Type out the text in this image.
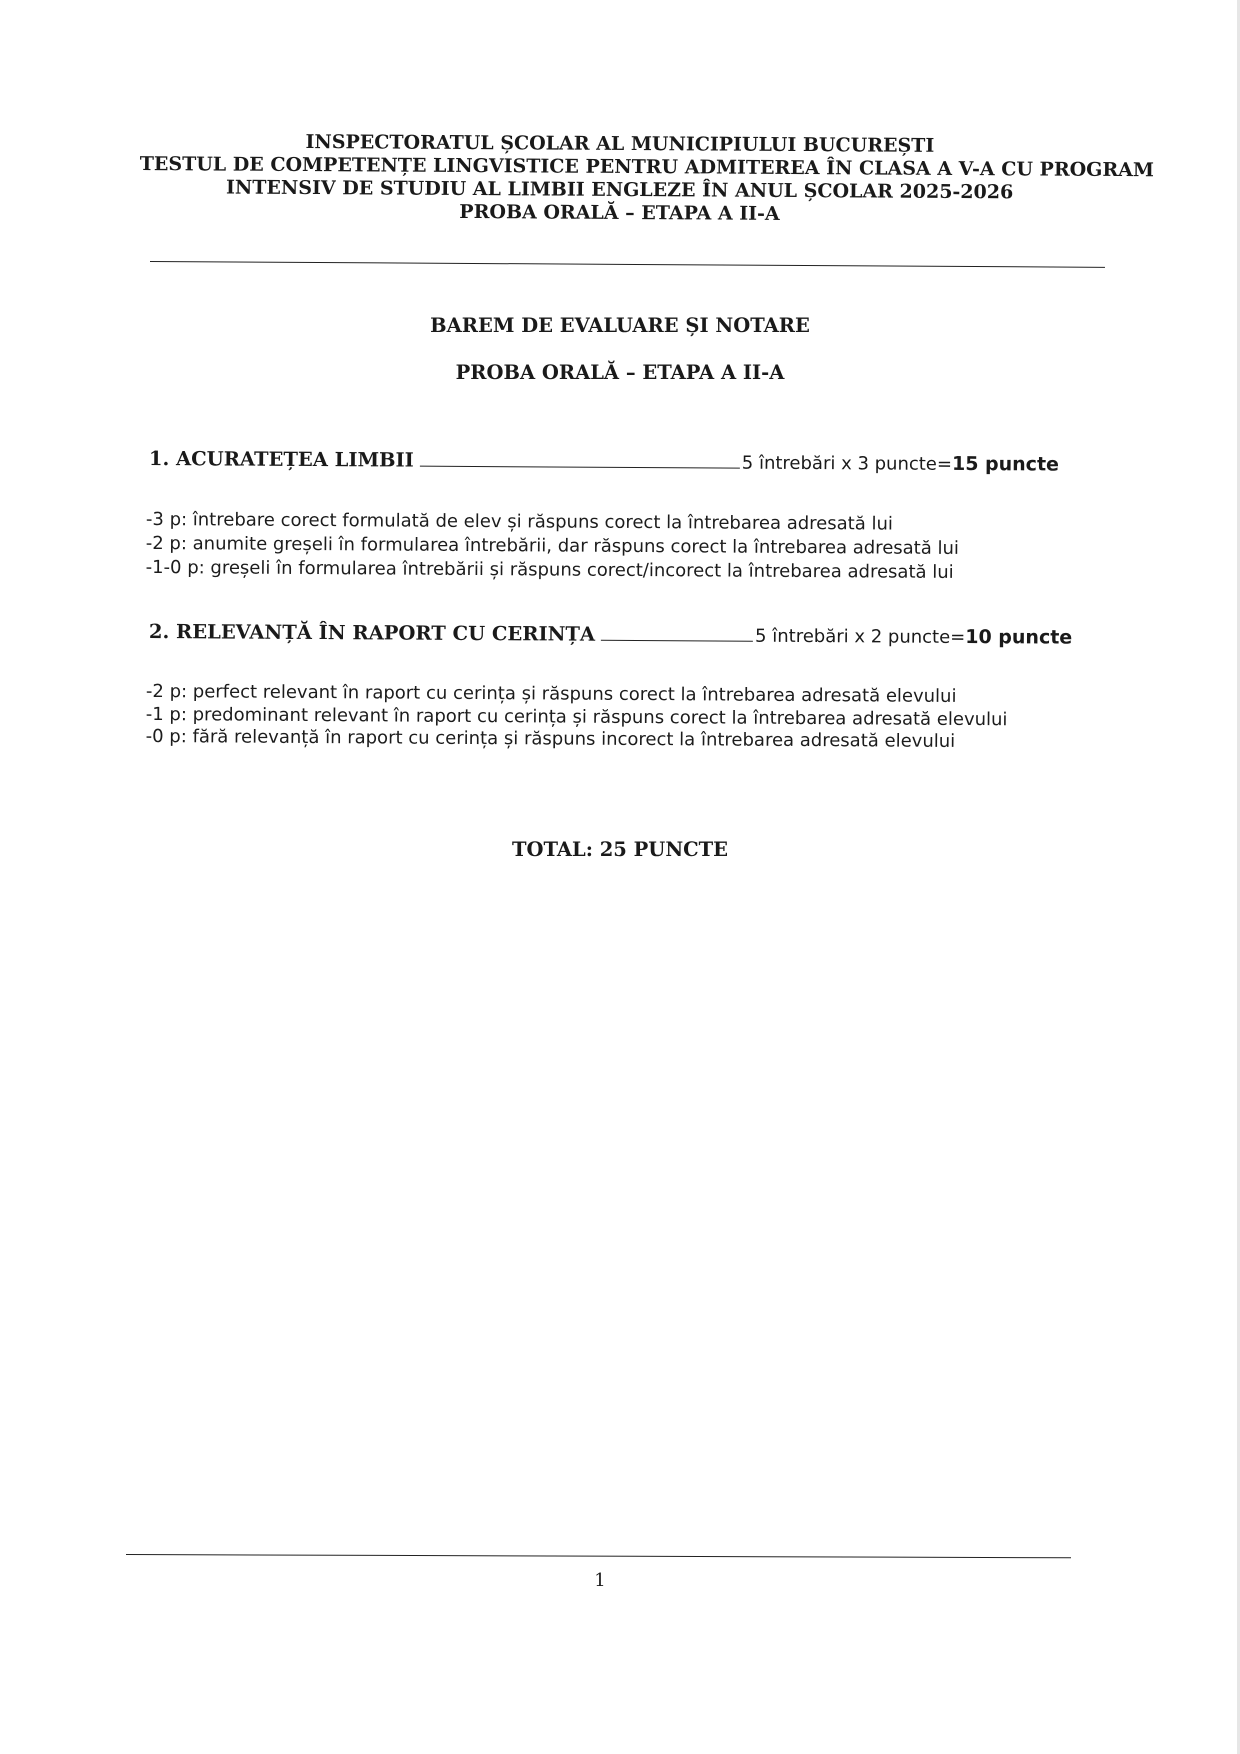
INSPECTORATUL ȘCOLAR AL MUNICIPIULUI BUCUREȘTI
TESTUL DE COMPETENȚE LINGVISTICE PENTRU ADMITEREA ÎN CLASA A V-A CU PROGRAM
INTENSIV DE STUDIU AL LIMBII ENGLEZE ÎN ANUL ȘCOLAR 2025-2026
PROBA ORALĂ – ETAPA A II-A
BAREM DE EVALUARE ȘI NOTARE
PROBA ORALĂ – ETAPA A II-A
1. ACURATEȚEA LIMBII	5 întrebări x 3 puncte=15 puncte
-3 p: întrebare corect formulată de elev și răspuns corect la întrebarea adresată lui
-2 p: anumite greșeli în formularea întrebării, dar răspuns corect la întrebarea adresată lui
-1-0 p: greșeli în formularea întrebării și răspuns corect/incorect la întrebarea adresată lui
2. RELEVANȚĂ ÎN RAPORT CU CERINȚA	5 întrebări x 2 puncte=10 puncte
-2 p: perfect relevant în raport cu cerința și răspuns corect la întrebarea adresată elevului
-1 p: predominant relevant în raport cu cerința și răspuns corect la întrebarea adresată elevului
-0 p: fără relevanță în raport cu cerința și răspuns incorect la întrebarea adresată elevului
TOTAL: 25 PUNCTE
1
